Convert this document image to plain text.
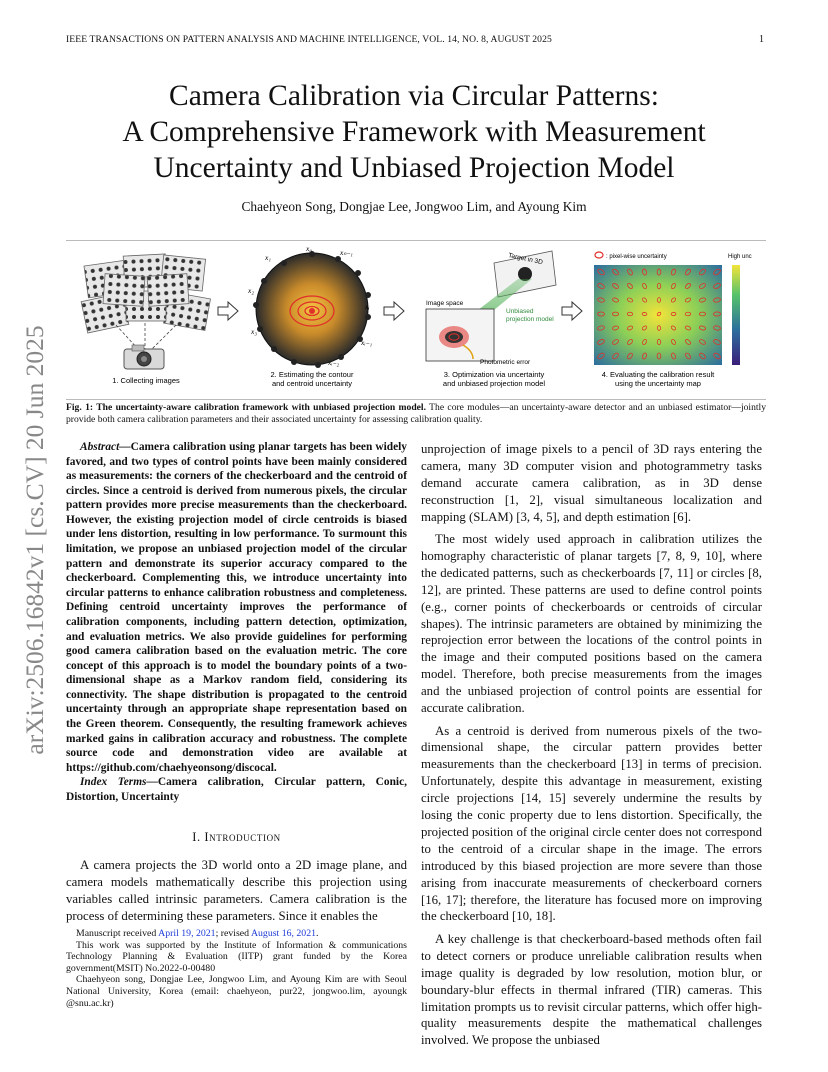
IEEE TRANSACTIONS ON PATTERN ANALYSIS AND MACHINE INTELLIGENCE, VOL. 14, NO. 8, AUGUST 2025	1
arXiv:2506.16842v1 [cs.CV] 20 Jun 2025
Camera Calibration via Circular Patterns:
A Comprehensive Framework with Measurement
Uncertainty and Unbiased Projection Model
Chaehyeon Song, Dongjae Lee, Jongwoo Lim, and Ayoung Kim
1. Collecting images
x₀
x₁
xₙ₋₁
x₂
x₃
xᵢ
xᵢ₋₁
xᵢ₋₂
2. Estimating the contour
and centroid uncertainty
Target in 3D
Image space
Unbiased
projection model
Photometric error
3. Optimization via uncertainty
and unbiased projection model
: pixel-wise uncertainty	High unc
4. Evaluating the calibration result
using the uncertainty map
Fig. 1: The uncertainty-aware calibration framework with unbiased projection model. The core modules—an uncertainty-aware detector and an unbiased estimator—jointly provide both camera calibration parameters and their associated uncertainty for assessing calibration quality.

Abstract—Camera calibration using planar targets has been widely favored, and two types of control points have been mainly considered as measurements: the corners of the checkerboard and the centroid of circles. Since a centroid is derived from numerous pixels, the circular pattern provides more precise measurements than the checkerboard. However, the existing projection model of circle centroids is biased under lens distortion, resulting in low performance. To surmount this limitation, we propose an unbiased projection model of the circular pattern and demonstrate its superior accuracy compared to the checkerboard. Complementing this, we introduce uncertainty into circular patterns to enhance calibration robustness and completeness. Defining centroid uncertainty improves the performance of calibration components, including pattern detection, optimization, and evaluation metrics. We also provide guidelines for performing good camera calibration based on the evaluation metric. The core concept of this approach is to model the boundary points of a two-dimensional shape as a Markov random field, considering its connectivity. The shape distribution is propagated to the centroid uncertainty through an appropriate shape representation based on the Green theorem. Consequently, the resulting framework achieves marked gains in calibration accuracy and robustness. The complete source code and demonstration video are available at https://github.com/chaehyeonsong/discocal.

Index Terms—Camera calibration, Circular pattern, Conic, Distortion, Uncertainty

I. Introduction

A camera projects the 3D world onto a 2D image plane, and camera models mathematically describe this projection using variables called intrinsic parameters. Camera calibration is the process of determining these parameters. Since it enables the

unprojection of image pixels to a pencil of 3D rays entering the camera, many 3D computer vision and photogrammetry tasks demand accurate camera calibration, as in 3D dense reconstruction [1, 2], visual simultaneous localization and mapping (SLAM) [3, 4, 5], and depth estimation [6].

The most widely used approach in calibration utilizes the homography characteristic of planar targets [7, 8, 9, 10], where the dedicated patterns, such as checkerboards [7, 11] or circles [8, 12], are printed. These patterns are used to define control points (e.g., corner points of checkerboards or centroids of circular shapes). The intrinsic parameters are obtained by minimizing the reprojection error between the locations of the control points in the image and their computed positions based on the camera model. Therefore, both precise measurements from the images and the unbiased projection of control points are essential for accurate calibration.

As a centroid is derived from numerous pixels of the two-dimensional shape, the circular pattern provides better measurements than the checkerboard [13] in terms of precision. Unfortunately, despite this advantage in measurement, existing circle projections [14, 15] severely undermine the results by losing the conic property due to lens distortion. Specifically, the projected position of the original circle center does not correspond to the centroid of a circular shape in the image. The errors introduced by this biased projection are more severe than those arising from inaccurate measurements of checkerboard corners [16, 17]; therefore, the literature has focused more on improving the checkerboard [10, 18].

A key challenge is that checkerboard-based methods often fail to detect corners or produce unreliable calibration results when image quality is degraded by low resolution, motion blur, or boundary-blur effects in thermal infrared (TIR) cameras. This limitation prompts us to revisit circular patterns, which offer high-quality measurements despite the mathematical challenges involved. We propose the unbiased

Manuscript received April 19, 2021; revised August 16, 2021.

This work was supported by the Institute of Information & communications Technology Planning & Evaluation (IITP) grant funded by the Korea government(MSIT) No.2022-0-00480

Chaehyeon song, Dongjae Lee, Jongwoo Lim, and Ayoung Kim are with Seoul National University, Korea (email: chaehyeon, pur22, jongwoo.lim, ayoungk @snu.ac.kr)
